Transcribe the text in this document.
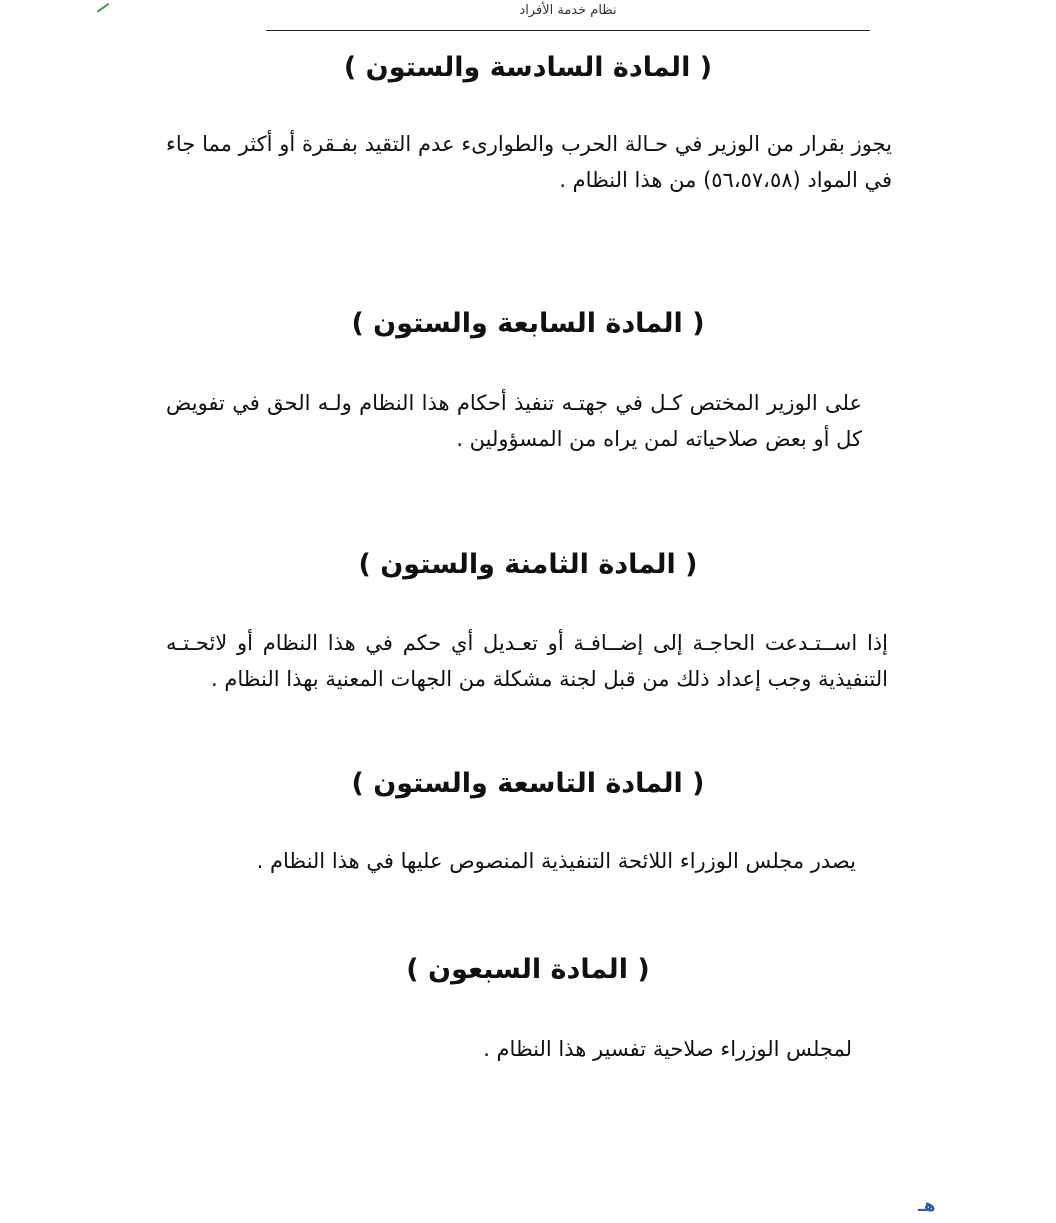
نظام خدمة الأفراد
( المادة السادسة والستون )
يجوز بقرار من الوزير في حـالة الحرب والطوارىء عدم التقيد بفـقرة أو أكثر مما جاء في المواد (٥٦،٥٧،٥٨) من هذا النظام .
( المادة السابعة والستون )
على الوزير المختص كـل في جهتـه تنفيذ أحكام هذا النظام ولـه الحق في تفويض كل أو بعض صلاحياته لمن يراه من المسؤولين .
( المادة الثامنة والستون )
إذا اســتـدعت الحاجـة إلى إضــافـة أو تعـديل أي حكم في هذا النظام أو لائحـتـه التنفيذية وجب إعداد ذلك من قبل لجنة مشكلة من الجهات المعنية بهذا النظام .
( المادة التاسعة والستون )
يصدر مجلس الوزراء اللائحة التنفيذية المنصوص عليها في هذا النظام .
( المادة السبعون )
لمجلس الوزراء صلاحية تفسير هذا النظام .
هـ
